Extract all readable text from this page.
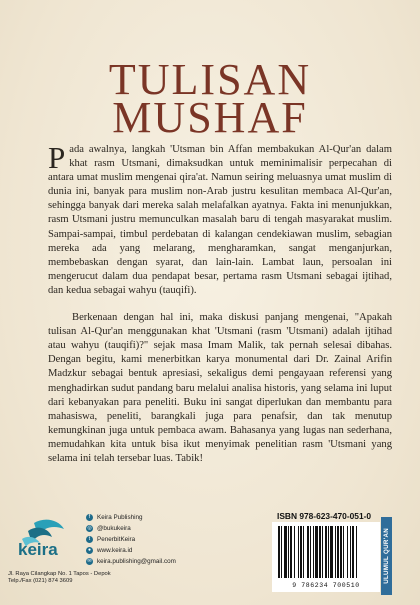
TULISAN
MUSHAF

Pada awalnya, langkah 'Utsman bin Affan membakukan Al-Qur'an dalam khat rasm Utsmani, dimaksudkan untuk meminimalisir perpecahan di antara umat muslim mengenai qira'at. Namun seiring meluasnya umat muslim di dunia ini, banyak para muslim non-Arab justru kesulitan membaca Al-Qur'an, sehingga banyak dari mereka salah melafalkan ayatnya. Fakta ini menunjukkan, rasm Utsmani justru memunculkan masalah baru di tengah masyarakat muslim. Sampai-sampai, timbul perdebatan di kalangan cendekiawan muslim, sebagian mereka ada yang melarang, mengharamkan, sangat menganjurkan, membebaskan dengan syarat, dan lain-lain. Lambat laun, persoalan ini mengerucut dalam dua pendapat besar, pertama rasm Utsmani sebagai ijtihad, dan kedua sebagai wahyu (tauqifi).

Berkenaan dengan hal ini, maka diskusi panjang mengenai, "Apakah tulisan Al-Qur'an menggunakan khat 'Utsmani (rasm 'Utsmani) adalah ijtihad atau wahyu (tauqifi)?" sejak masa Imam Malik, tak pernah selesai dibahas. Dengan begitu, kami menerbitkan karya monumental dari Dr. Zainal Arifin Madzkur sebagai bentuk apresiasi, sekaligus demi pengayaan referensi yang menghadirkan sudut pandang baru melalui analisa historis, yang selama ini luput dari kebanyakan para peneliti. Buku ini sangat diperlukan dan membantu para mahasiswa, peneliti, barangkali juga para penafsir, dan tak menutup kemungkinan juga untuk pembaca awam. Bahasanya yang lugas nan sederhana, memudahkan kita untuk bisa ikut menyimak penelitian rasm 'Utsmani yang selama ini telah tersebar luas. Tabik!

keira
Jl. Raya Cilangkap No. 1 Tapos - Depok
Telp./Fax (021) 874 3609
f	Keira Publishing
◎ @bukukeira
t	PenerbitKeira
● www.keira.id
✉ keira.publishing@gmail.com
ISBN 978-623-470-051-0
9 786234 700510
ULUMUL QUR'AN
